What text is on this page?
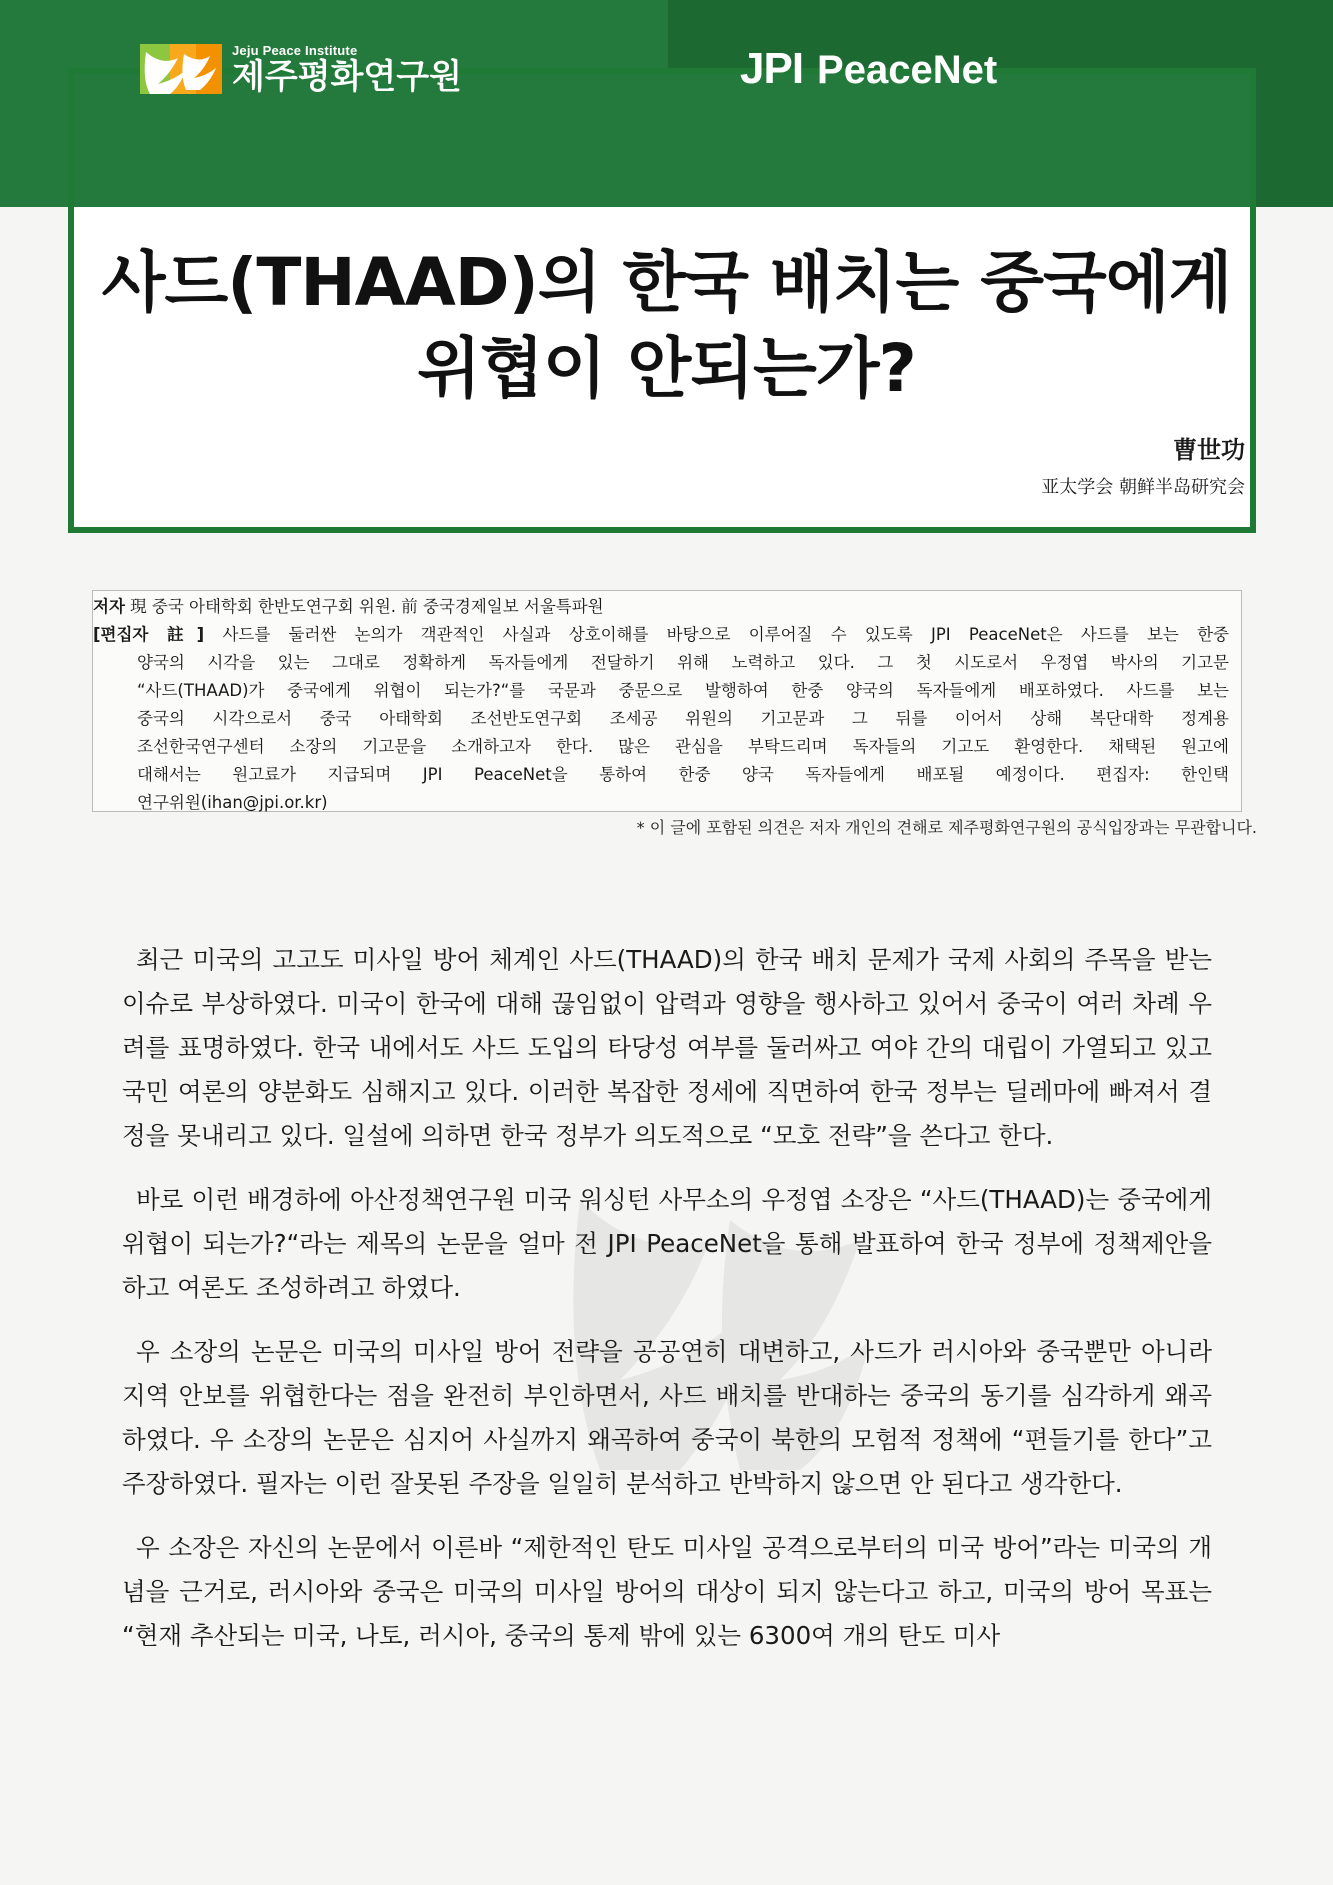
Jeju Peace Institute
제주평화연구원	JPI PeaceNet
사드(THAAD)의 한국 배치는 중국에게
위협이 안되는가?
曹世功
亚太学会 朝鲜半岛研究会
저자 現 중국 아태학회 한반도연구회 위원. 前 중국경제일보 서울특파원
[편집자 註] 사드를 둘러싼 논의가 객관적인 사실과 상호이해를 바탕으로 이루어질 수 있도록 JPI PeaceNet은 사드를 보는 한중
양국의 시각을 있는 그대로 정확하게 독자들에게 전달하기 위해 노력하고 있다. 그 첫 시도로서 우정엽 박사의 기고문
“사드(THAAD)가 중국에게 위협이 되는가?“를 국문과 중문으로 발행하여 한중 양국의 독자들에게 배포하였다. 사드를 보는
중국의 시각으로서 중국 아태학회 조선반도연구회 조세공 위원의 기고문과 그 뒤를 이어서 상해 복단대학 정계용
조선한국연구센터 소장의 기고문을 소개하고자 한다. 많은 관심을 부탁드리며 독자들의 기고도 환영한다. 채택된 원고에
대해서는 원고료가 지급되며 JPI PeaceNet을 통하여 한중 양국 독자들에게 배포될 예정이다. 편집자: 한인택
연구위원(ihan@jpi.or.kr)
* 이 글에 포함된 의견은 저자 개인의 견해로 제주평화연구원의 공식입장과는 무관합니다.

최근 미국의 고고도 미사일 방어 체계인 사드(THAAD)의 한국 배치 문제가 국제 사회의 주목을 받는 이슈로 부상하였다. 미국이 한국에 대해 끊임없이 압력과 영향을 행사하고 있어서 중국이 여러 차례 우려를 표명하였다. 한국 내에서도 사드 도입의 타당성 여부를 둘러싸고 여야 간의 대립이 가열되고 있고 국민 여론의 양분화도 심해지고 있다. 이러한 복잡한 정세에 직면하여 한국 정부는 딜레마에 빠져서 결정을 못내리고 있다. 일설에 의하면 한국 정부가 의도적으로 “모호 전략”을 쓴다고 한다.

바로 이런 배경하에 아산정책연구원 미국 워싱턴 사무소의 우정엽 소장은 “사드(THAAD)는 중국에게 위협이 되는가?“라는 제목의 논문을 얼마 전 JPI PeaceNet을 통해 발표하여 한국 정부에 정책제안을 하고 여론도 조성하려고 하였다.

우 소장의 논문은 미국의 미사일 방어 전략을 공공연히 대변하고, 사드가 러시아와 중국뿐만 아니라 지역 안보를 위협한다는 점을 완전히 부인하면서, 사드 배치를 반대하는 중국의 동기를 심각하게 왜곡하였다. 우 소장의 논문은 심지어 사실까지 왜곡하여 중국이 북한의 모험적 정책에 “편들기를 한다”고 주장하였다. 필자는 이런 잘못된 주장을 일일히 분석하고 반박하지 않으면 안 된다고 생각한다.

우 소장은 자신의 논문에서 이른바 “제한적인 탄도 미사일 공격으로부터의 미국 방어”라는 미국의 개념을 근거로, 러시아와 중국은 미국의 미사일 방어의 대상이 되지 않는다고 하고, 미국의 방어 목표는 “현재 추산되는 미국, 나토, 러시아, 중국의 통제 밖에 있는 6300여 개의 탄도 미사
